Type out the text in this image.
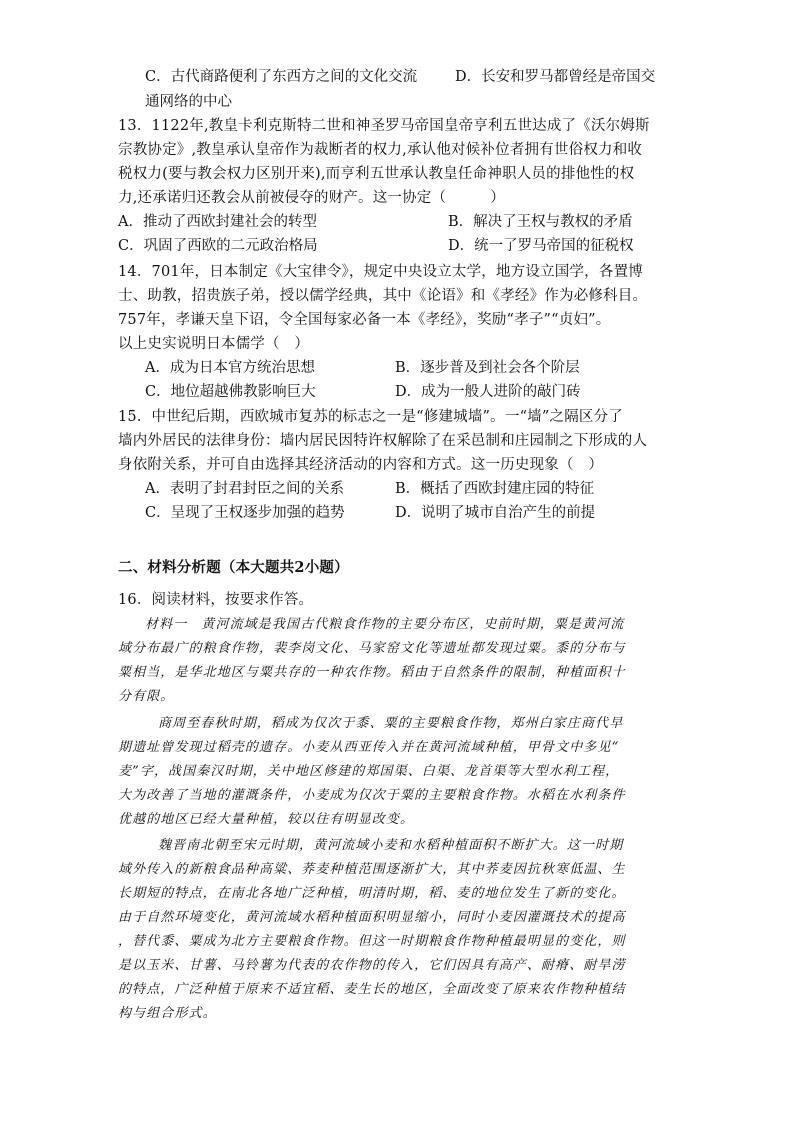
C．古代商路便利了东西方之间的文化交流	D．长安和罗马都曾经是帝国交
通网络的中心
13．1122年,教皇卡利克斯特二世和神圣罗马帝国皇帝亨利五世达成了《沃尔姆斯
宗教协定》,教皇承认皇帝作为裁断者的权力,承认他对候补位者拥有世俗权力和收
税权力(要与教会权力区别开来),而亨利五世承认教皇任命神职人员的排他性的权
力,还承诺归还教会从前被侵夺的财产。这一协定（　　　）
A．推动了西欧封建社会的转型	B．解决了王权与教权的矛盾
C．巩固了西欧的二元政治格局	D．统一了罗马帝国的征税权
14．701年，日本制定《大宝律令》，规定中央设立太学，地方设立国学，各置博
士、助教，招贵族子弟，授以儒学经典，其中《论语》和《孝经》作为必修科目。
757年，孝谦天皇下诏，令全国每家必备一本《孝经》，奖励“孝子”“贞妇”。
以上史实说明日本儒学（　）
A．成为日本官方统治思想	B．逐步普及到社会各个阶层
C．地位超越佛教影响巨大	D．成为一般人进阶的敲门砖
15．中世纪后期，西欧城市复苏的标志之一是“修建城墙”。一“墙”之隔区分了
墙内外居民的法律身份：墙内居民因特许权解除了在采邑制和庄园制之下形成的人
身依附关系，并可自由选择其经济活动的内容和方式。这一历史现象（　）
A．表明了封君封臣之间的关系	B．概括了西欧封建庄园的特征
C．呈现了王权逐步加强的趋势	D．说明了城市自治产生的前提
二、材料分析题（本大题共2小题）
16．阅读材料，按要求作答。
材料一　黄河流域是我国古代粮食作物的主要分布区，史前时期，粟是黄河流
域分布最广的粮食作物，裴李岗文化、马家窑文化等遗址都发现过粟。黍的分布与
粟相当，是华北地区与粟共存的一种农作物。稻由于自然条件的限制，种植面积十
分有限。
商周至春秋时期，稻成为仅次于黍、粟的主要粮食作物，郑州白家庄商代早
期遗址曾发现过稻壳的遗存。小麦从西亚传入并在黄河流域种植，甲骨文中多见“
麦”字，战国秦汉时期，关中地区修建的郑国渠、白渠、龙首渠等大型水利工程，
大为改善了当地的灌溉条件，小麦成为仅次于粟的主要粮食作物。水稻在水利条件
优越的地区已经大量种植，较以往有明显改变。
魏晋南北朝至宋元时期，黄河流域小麦和水稻种植面积不断扩大。这一时期
域外传入的新粮食品种高粱、荞麦种植范围逐渐扩大，其中荞麦因抗秋寒低温、生
长期短的特点，在南北各地广泛种植，明清时期，稻、麦的地位发生了新的变化。
由于自然环境变化，黄河流域水稻种植面积明显缩小，同时小麦因灌溉技术的提高
，替代黍、粟成为北方主要粮食作物。但这一时期粮食作物种植最明显的变化，则
是以玉米、甘薯、马铃薯为代表的农作物的传入，它们因具有高产、耐瘠、耐旱涝
的特点，广泛种植于原来不适宜稻、麦生长的地区，全面改变了原来农作物种植结
构与组合形式。
